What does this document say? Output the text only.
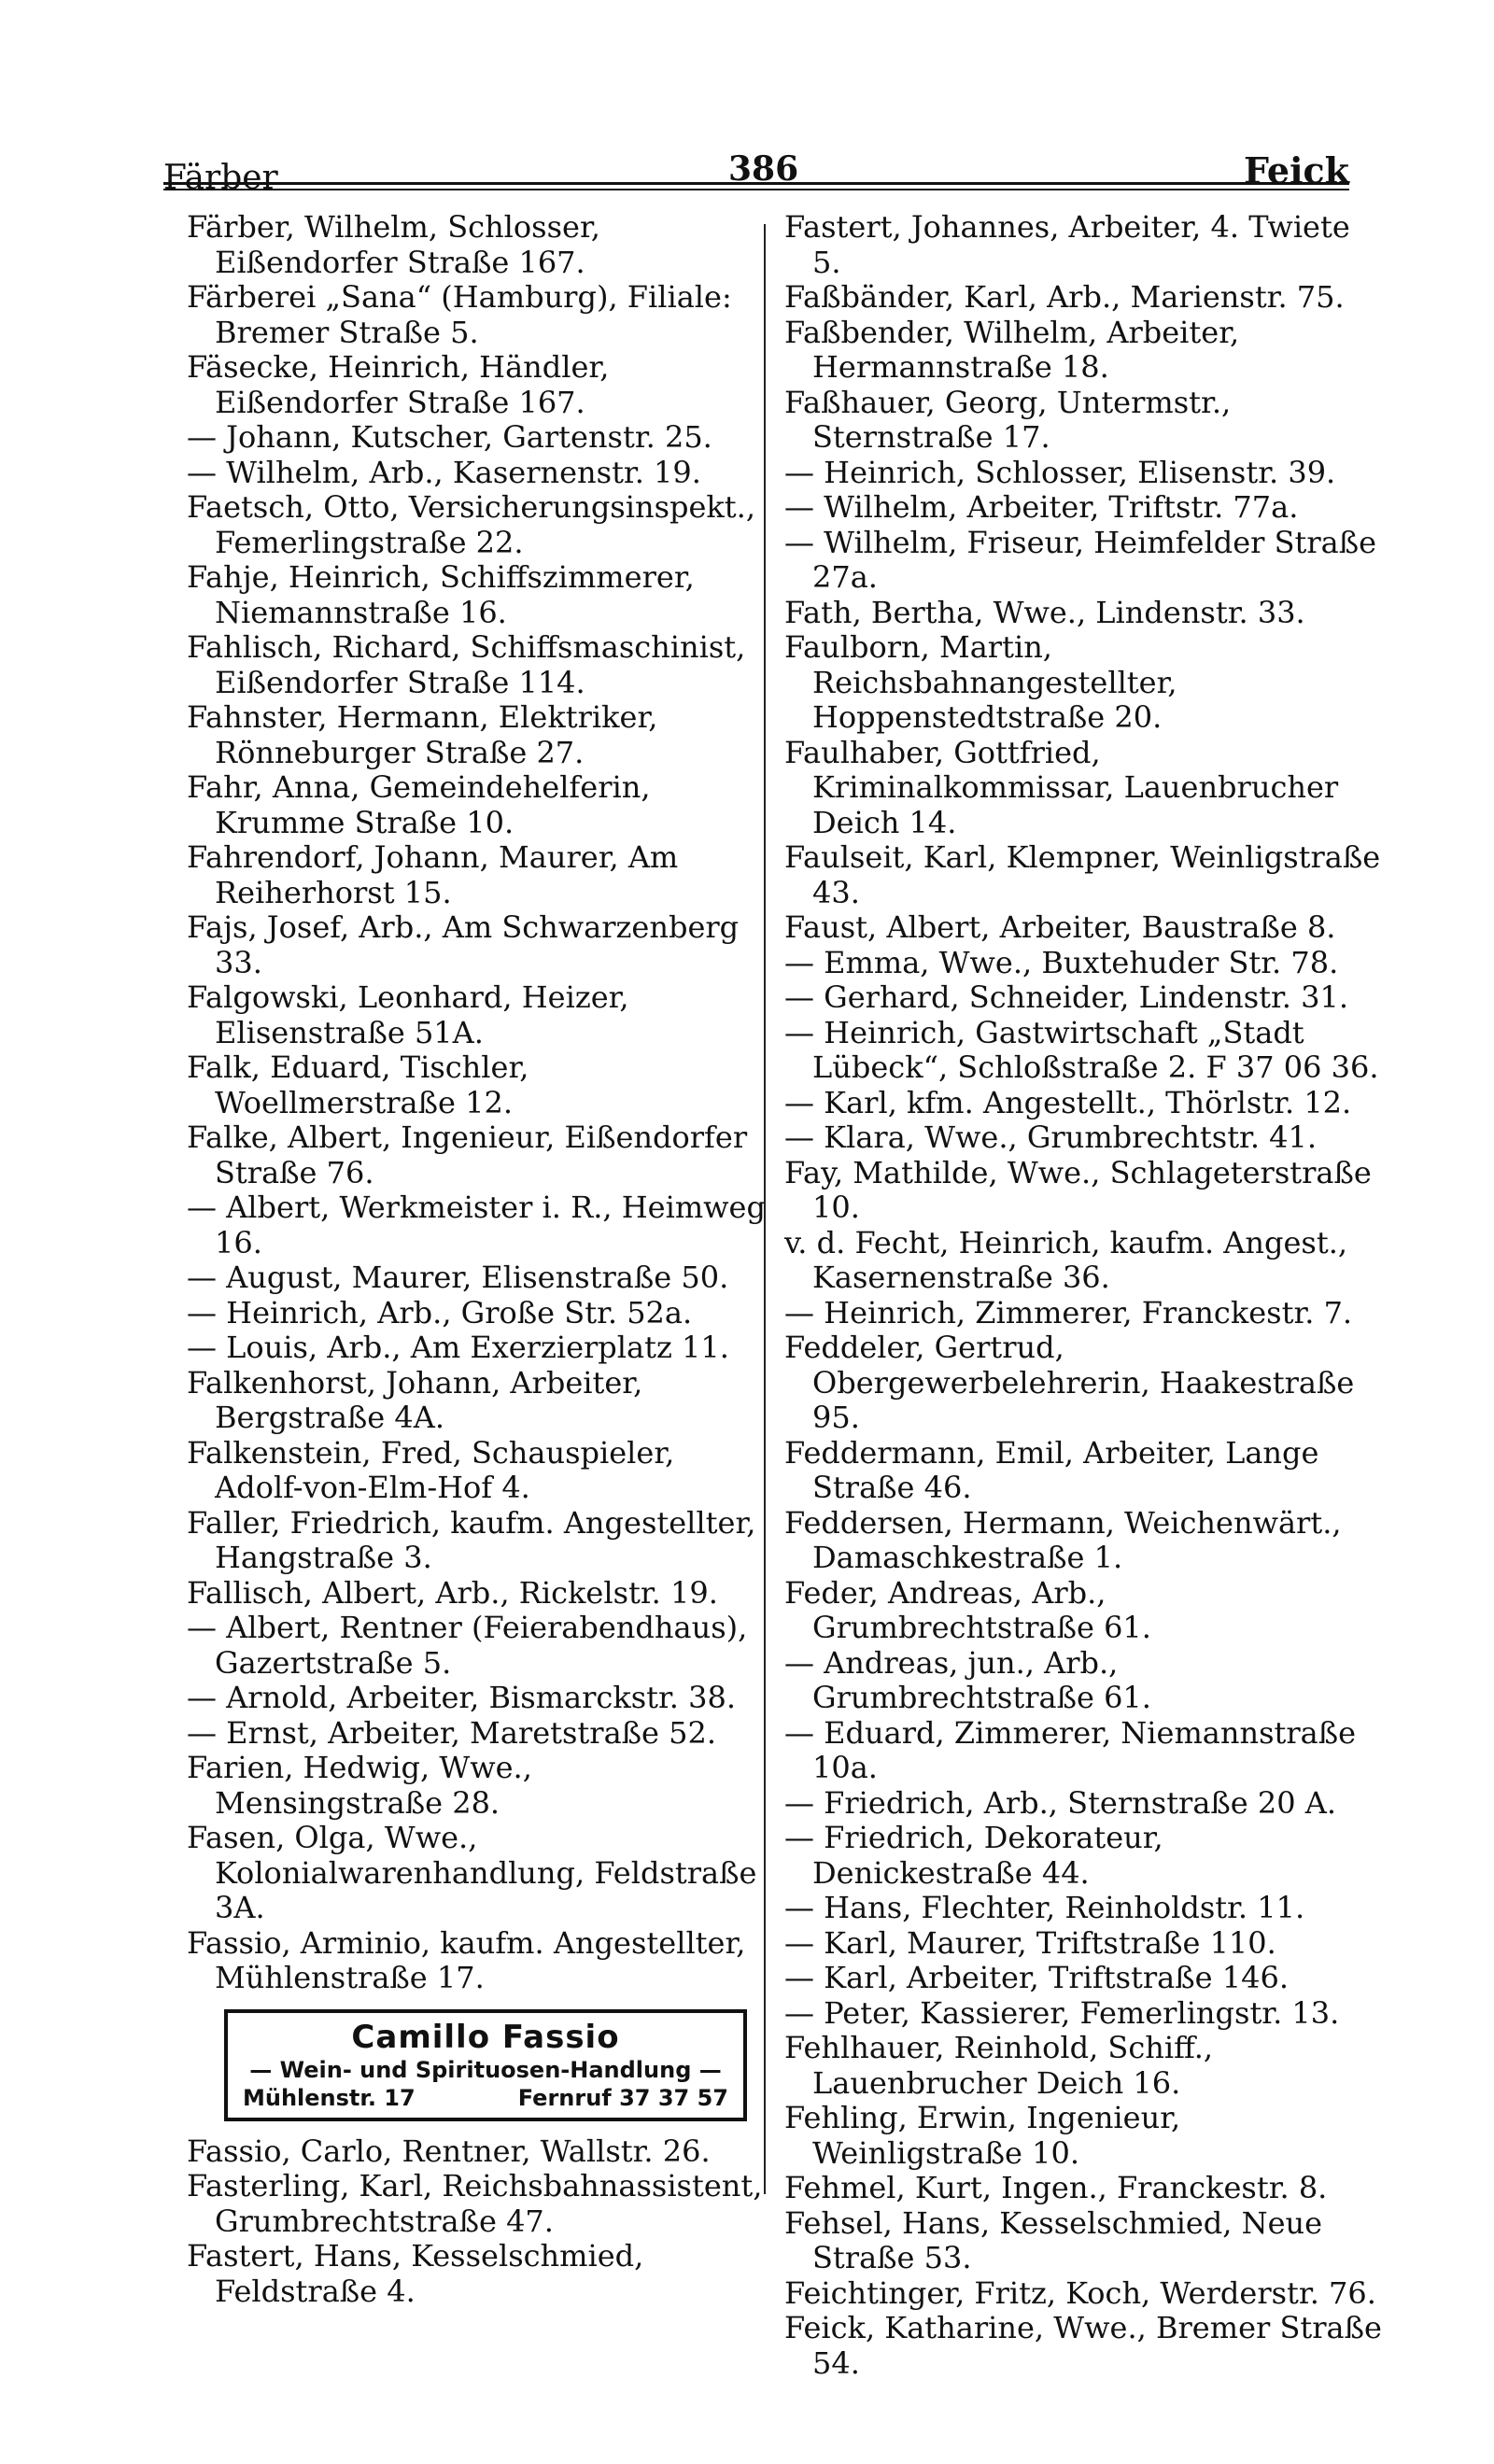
Färber	386	Feick

Färber, Wilhelm, Schlosser, Eißendorfer Straße 167.

Färberei „Sana“ (Hamburg), Filiale: Bremer Straße 5.

Fäsecke, Heinrich, Händler, Eißendorfer Straße 167.

— Johann, Kutscher, Gartenstr. 25.

— Wilhelm, Arb., Kasernenstr. 19.

Faetsch, Otto, Versicherungsinspekt., Femerlingstraße 22.

Fahje, Heinrich, Schiffszimmerer, Niemannstraße 16.

Fahlisch, Richard, Schiffsmaschinist, Eißendorfer Straße 114.

Fahnster, Hermann, Elektriker, Rönneburger Straße 27.

Fahr, Anna, Gemeindehelferin, Krumme Straße 10.

Fahrendorf, Johann, Maurer, Am Reiherhorst 15.

Fajs, Josef, Arb., Am Schwarzenberg 33.

Falgowski, Leonhard, Heizer, Elisenstraße 51A.

Falk, Eduard, Tischler, Woellmerstraße 12.

Falke, Albert, Ingenieur, Eißendorfer Straße 76.

— Albert, Werkmeister i. R., Heimweg 16.

— August, Maurer, Elisenstraße 50.

— Heinrich, Arb., Große Str. 52a.

— Louis, Arb., Am Exerzierplatz 11.

Falkenhorst, Johann, Arbeiter, Bergstraße 4A.

Falkenstein, Fred, Schauspieler, Adolf-von-Elm-Hof 4.

Faller, Friedrich, kaufm. Angestellter, Hangstraße 3.

Fallisch, Albert, Arb., Rickelstr. 19.

— Albert, Rentner (Feierabendhaus), Gazertstraße 5.

— Arnold, Arbeiter, Bismarckstr. 38.

— Ernst, Arbeiter, Maretstraße 52.

Farien, Hedwig, Wwe., Mensingstraße 28.

Fasen, Olga, Wwe., Kolonialwarenhandlung, Feldstraße 3A.

Fassio, Arminio, kaufm. Angestellter, Mühlenstraße 17.

Camillo Fassio
— Wein- und Spirituosen-Handlung —
Mühlenstr. 17	Fernruf 37 37 57

Fassio, Carlo, Rentner, Wallstr. 26.

Fasterling, Karl, Reichsbahnassistent, Grumbrechtstraße 47.

Fastert, Hans, Kesselschmied, Feldstraße 4.

Fastert, Johannes, Arbeiter, 4. Twiete 5.

Faßbänder, Karl, Arb., Marienstr. 75.

Faßbender, Wilhelm, Arbeiter, Hermannstraße 18.

Faßhauer, Georg, Untermstr., Sternstraße 17.

— Heinrich, Schlosser, Elisenstr. 39.

— Wilhelm, Arbeiter, Triftstr. 77a.

— Wilhelm, Friseur, Heimfelder Straße 27a.

Fath, Bertha, Wwe., Lindenstr. 33.

Faulborn, Martin, Reichsbahnangestellter, Hoppenstedtstraße 20.

Faulhaber, Gottfried, Kriminalkommissar, Lauenbrucher Deich 14.

Faulseit, Karl, Klempner, Weinligstraße 43.

Faust, Albert, Arbeiter, Baustraße 8.

— Emma, Wwe., Buxtehuder Str. 78.

— Gerhard, Schneider, Lindenstr. 31.

— Heinrich, Gastwirtschaft „Stadt Lübeck“, Schloßstraße 2. F 37 06 36.

— Karl, kfm. Angestellt., Thörlstr. 12.

— Klara, Wwe., Grumbrechtstr. 41.

Fay, Mathilde, Wwe., Schlageterstraße 10.

v. d. Fecht, Heinrich, kaufm. Angest., Kasernenstraße 36.

— Heinrich, Zimmerer, Franckestr. 7.

Feddeler, Gertrud, Obergewerbelehrerin, Haakestraße 95.

Feddermann, Emil, Arbeiter, Lange Straße 46.

Feddersen, Hermann, Weichenwärt., Damaschkestraße 1.

Feder, Andreas, Arb., Grumbrechtstraße 61.

— Andreas, jun., Arb., Grumbrechtstraße 61.

— Eduard, Zimmerer, Niemannstraße 10a.

— Friedrich, Arb., Sternstraße 20 A.

— Friedrich, Dekorateur, Denickestraße 44.

— Hans, Flechter, Reinholdstr. 11.

— Karl, Maurer, Triftstraße 110.

— Karl, Arbeiter, Triftstraße 146.

— Peter, Kassierer, Femerlingstr. 13.

Fehlhauer, Reinhold, Schiff., Lauenbrucher Deich 16.

Fehling, Erwin, Ingenieur, Weinligstraße 10.

Fehmel, Kurt, Ingen., Franckestr. 8.

Fehsel, Hans, Kesselschmied, Neue Straße 53.

Feichtinger, Fritz, Koch, Werderstr. 76.

Feick, Katharine, Wwe., Bremer Straße 54.
